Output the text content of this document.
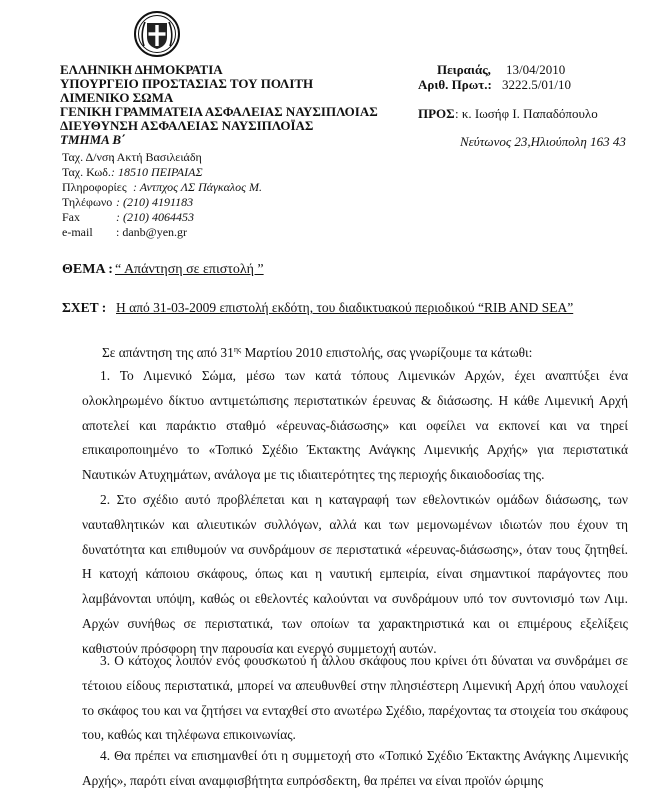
ΕΛΛΗΝΙΚΗ ΔΗΜΟΚΡΑΤΙΑ
ΥΠΟΥΡΓΕΙΟ ΠΡΟΣΤΑΣΙΑΣ ΤΟΥ ΠΟΛΙΤΗ
ΛΙΜΕΝΙΚΟ ΣΩΜΑ
ΓΕΝΙΚΗ ΓΡΑΜΜΑΤΕΙΑ ΑΣΦΑΛΕΙΑΣ ΝΑΥΣΙΠΛΟΙΑΣ
ΔΙΕΥΘΥΝΣΗ ΑΣΦΑΛΕΙΑΣ ΝΑΥΣΙΠΛΟΪΑΣ
ΤΜΗΜΑ Β΄
Πειραιάς, 13/04/2010
Αριθ. Πρωτ.: 3222.5/01/10
ΠΡΟΣ : κ. Ιωσήφ Ι. Παπαδόπουλο
Νεύτωνος 23,Ηλιούπολη 163 43
Ταχ. Δ/νση
: Ακτή Βασιλειάδη
Ταχ. Κωδ. : 18510 ΠΕΙΡΑΙΑΣ
Πληροφορίες : Αντπχος ΛΣ Πάγκαλος Μ.
Τηλέφωνο : (210) 4191183
Fax	: (210) 4064453
e-mail : danb@yen.gr
ΘΕΜΑ : “ Απάντηση σε επιστολή ”
ΣΧΕΤ : Η από 31-03-2009 επιστολή εκδότη, του διαδικτυακού περιοδικού “RIB AND SEA”
Σε απάντηση της από $31^{\eta\varsigma}$ Μαρτίου 2010 επιστολής, σας γνωρίζουμε τα κάτωθι:
1. Το Λιμενικό Σώμα, μέσω των κατά τόπους Λιμενικών Αρχών, έχει αναπτύξει ένα ολοκληρωμένο δίκτυο αντιμετώπισης περιστατικών έρευνας & διάσωσης. Η κάθε Λιμενική Αρχή αποτελεί και παράκτιο σταθμό «έρευνας-διάσωσης» και οφείλει να εκπονεί και να τηρεί επικαιροποιημένο το «Τοπικό Σχέδιο Έκτακτης Ανάγκης Λιμενικής Αρχής» για περιστατικά Ναυτικών Ατυχημάτων, ανάλογα με τις ιδιαιτερότητες της περιοχής δικαιοδοσίας της.
2. Στο σχέδιο αυτό προβλέπεται και η καταγραφή των εθελοντικών ομάδων διάσωσης, των ναυταθλητικών και αλιευτικών συλλόγων, αλλά και των μεμονωμένων ιδιωτών που έχουν τη δυνατότητα και επιθυμούν να συνδράμουν σε περιστατικά «έρευνας-διάσωσης», όταν τους ζητηθεί. Η κατοχή κάποιου σκάφους, όπως και η ναυτική εμπειρία, είναι σημαντικοί παράγοντες που λαμβάνονται υπόψη, καθώς οι εθελοντές καλούνται να συνδράμουν υπό τον συντονισμό των Λιμ. Αρχών συνήθως σε περιστατικά, των οποίων τα χαρακτηριστικά και οι επιμέρους εξελίξεις καθιστούν πρόσφορη την παρουσία και ενεργό συμμετοχή αυτών.
3. Ο κάτοχος λοιπόν ενός φουσκωτού ή άλλου σκάφους που κρίνει ότι δύναται να συνδράμει σε τέτοιου είδους περιστατικά, μπορεί να απευθυνθεί στην πλησιέστερη Λιμενική Αρχή όπου ναυλοχεί το σκάφος του και να ζητήσει να ενταχθεί στο ανωτέρω Σχέδιο, παρέχοντας τα στοιχεία του σκάφους του, καθώς και τηλέφωνα επικοινωνίας.
4. Θα πρέπει να επισημανθεί ότι η συμμετοχή στο «Τοπικό Σχέδιο Έκτακτης Ανάγκης Λιμενικής Αρχής», παρότι είναι αναμφισβήτητα ευπρόσδεκτη, θα πρέπει να είναι προϊόν ώριμης
